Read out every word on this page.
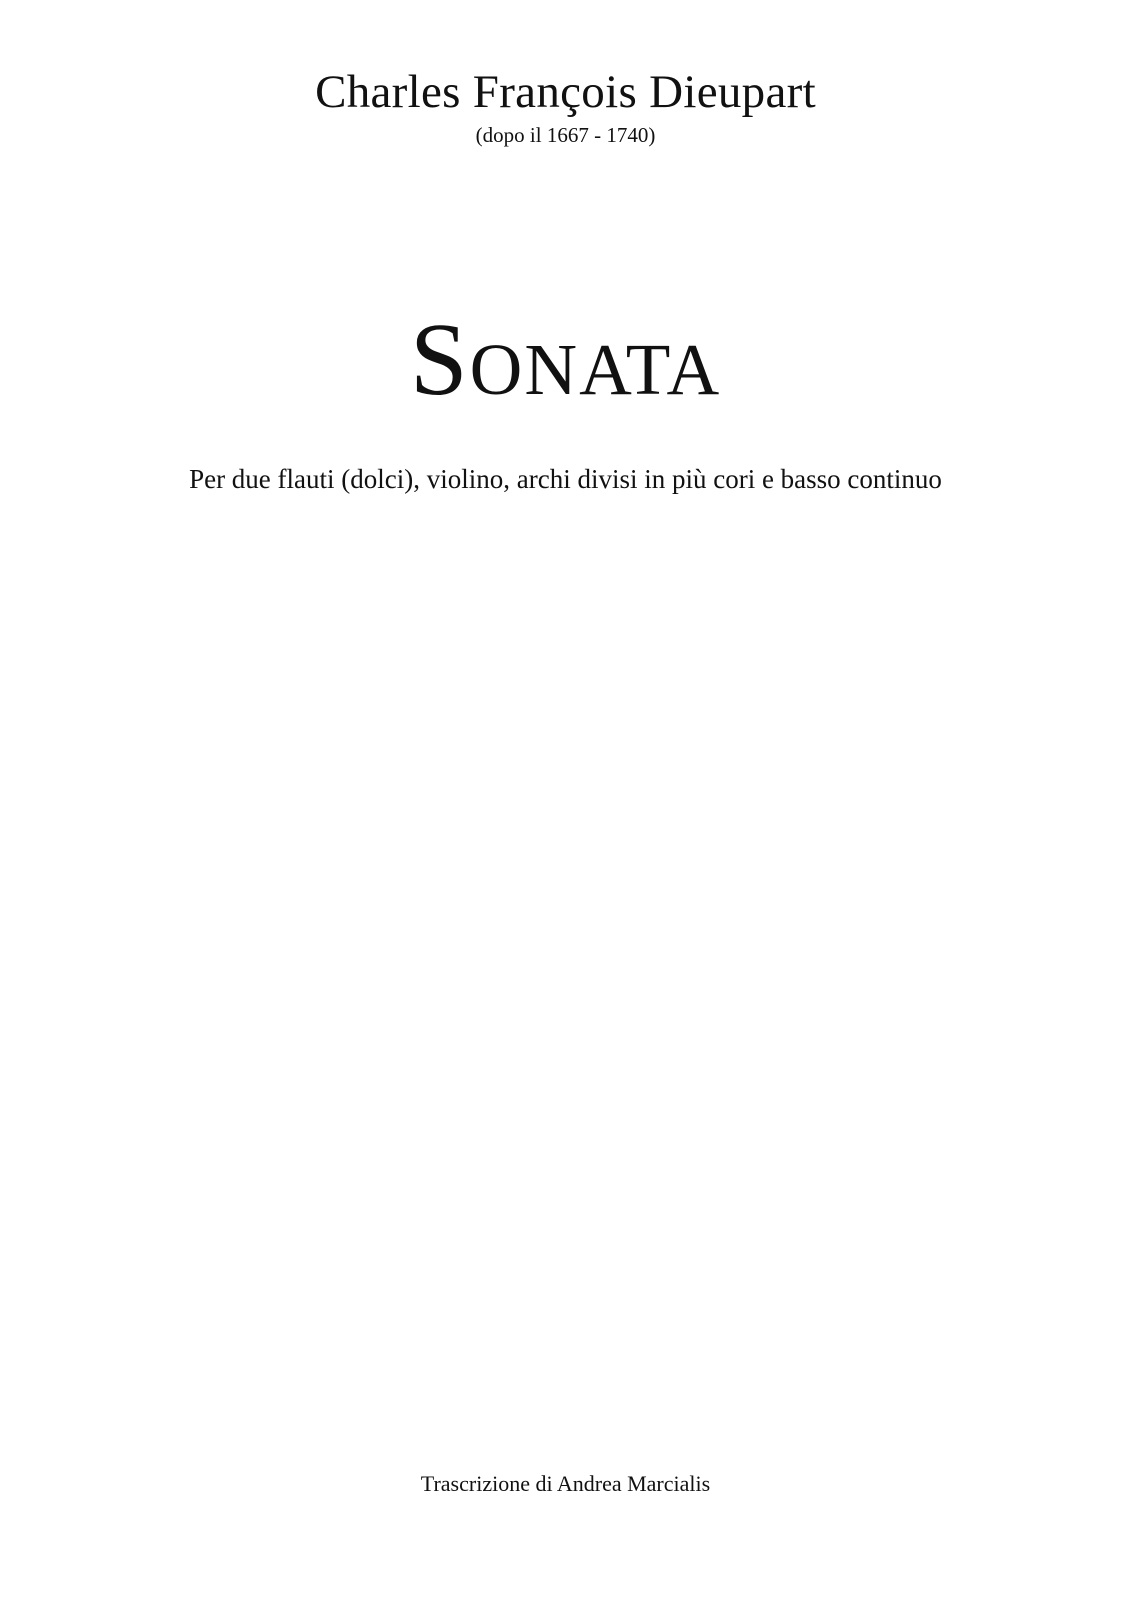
Charles François Dieupart
(dopo il 1667 - 1740)
Sonata
Per due flauti (dolci), violino, archi divisi in più cori e basso continuo
Trascrizione di Andrea Marcialis
